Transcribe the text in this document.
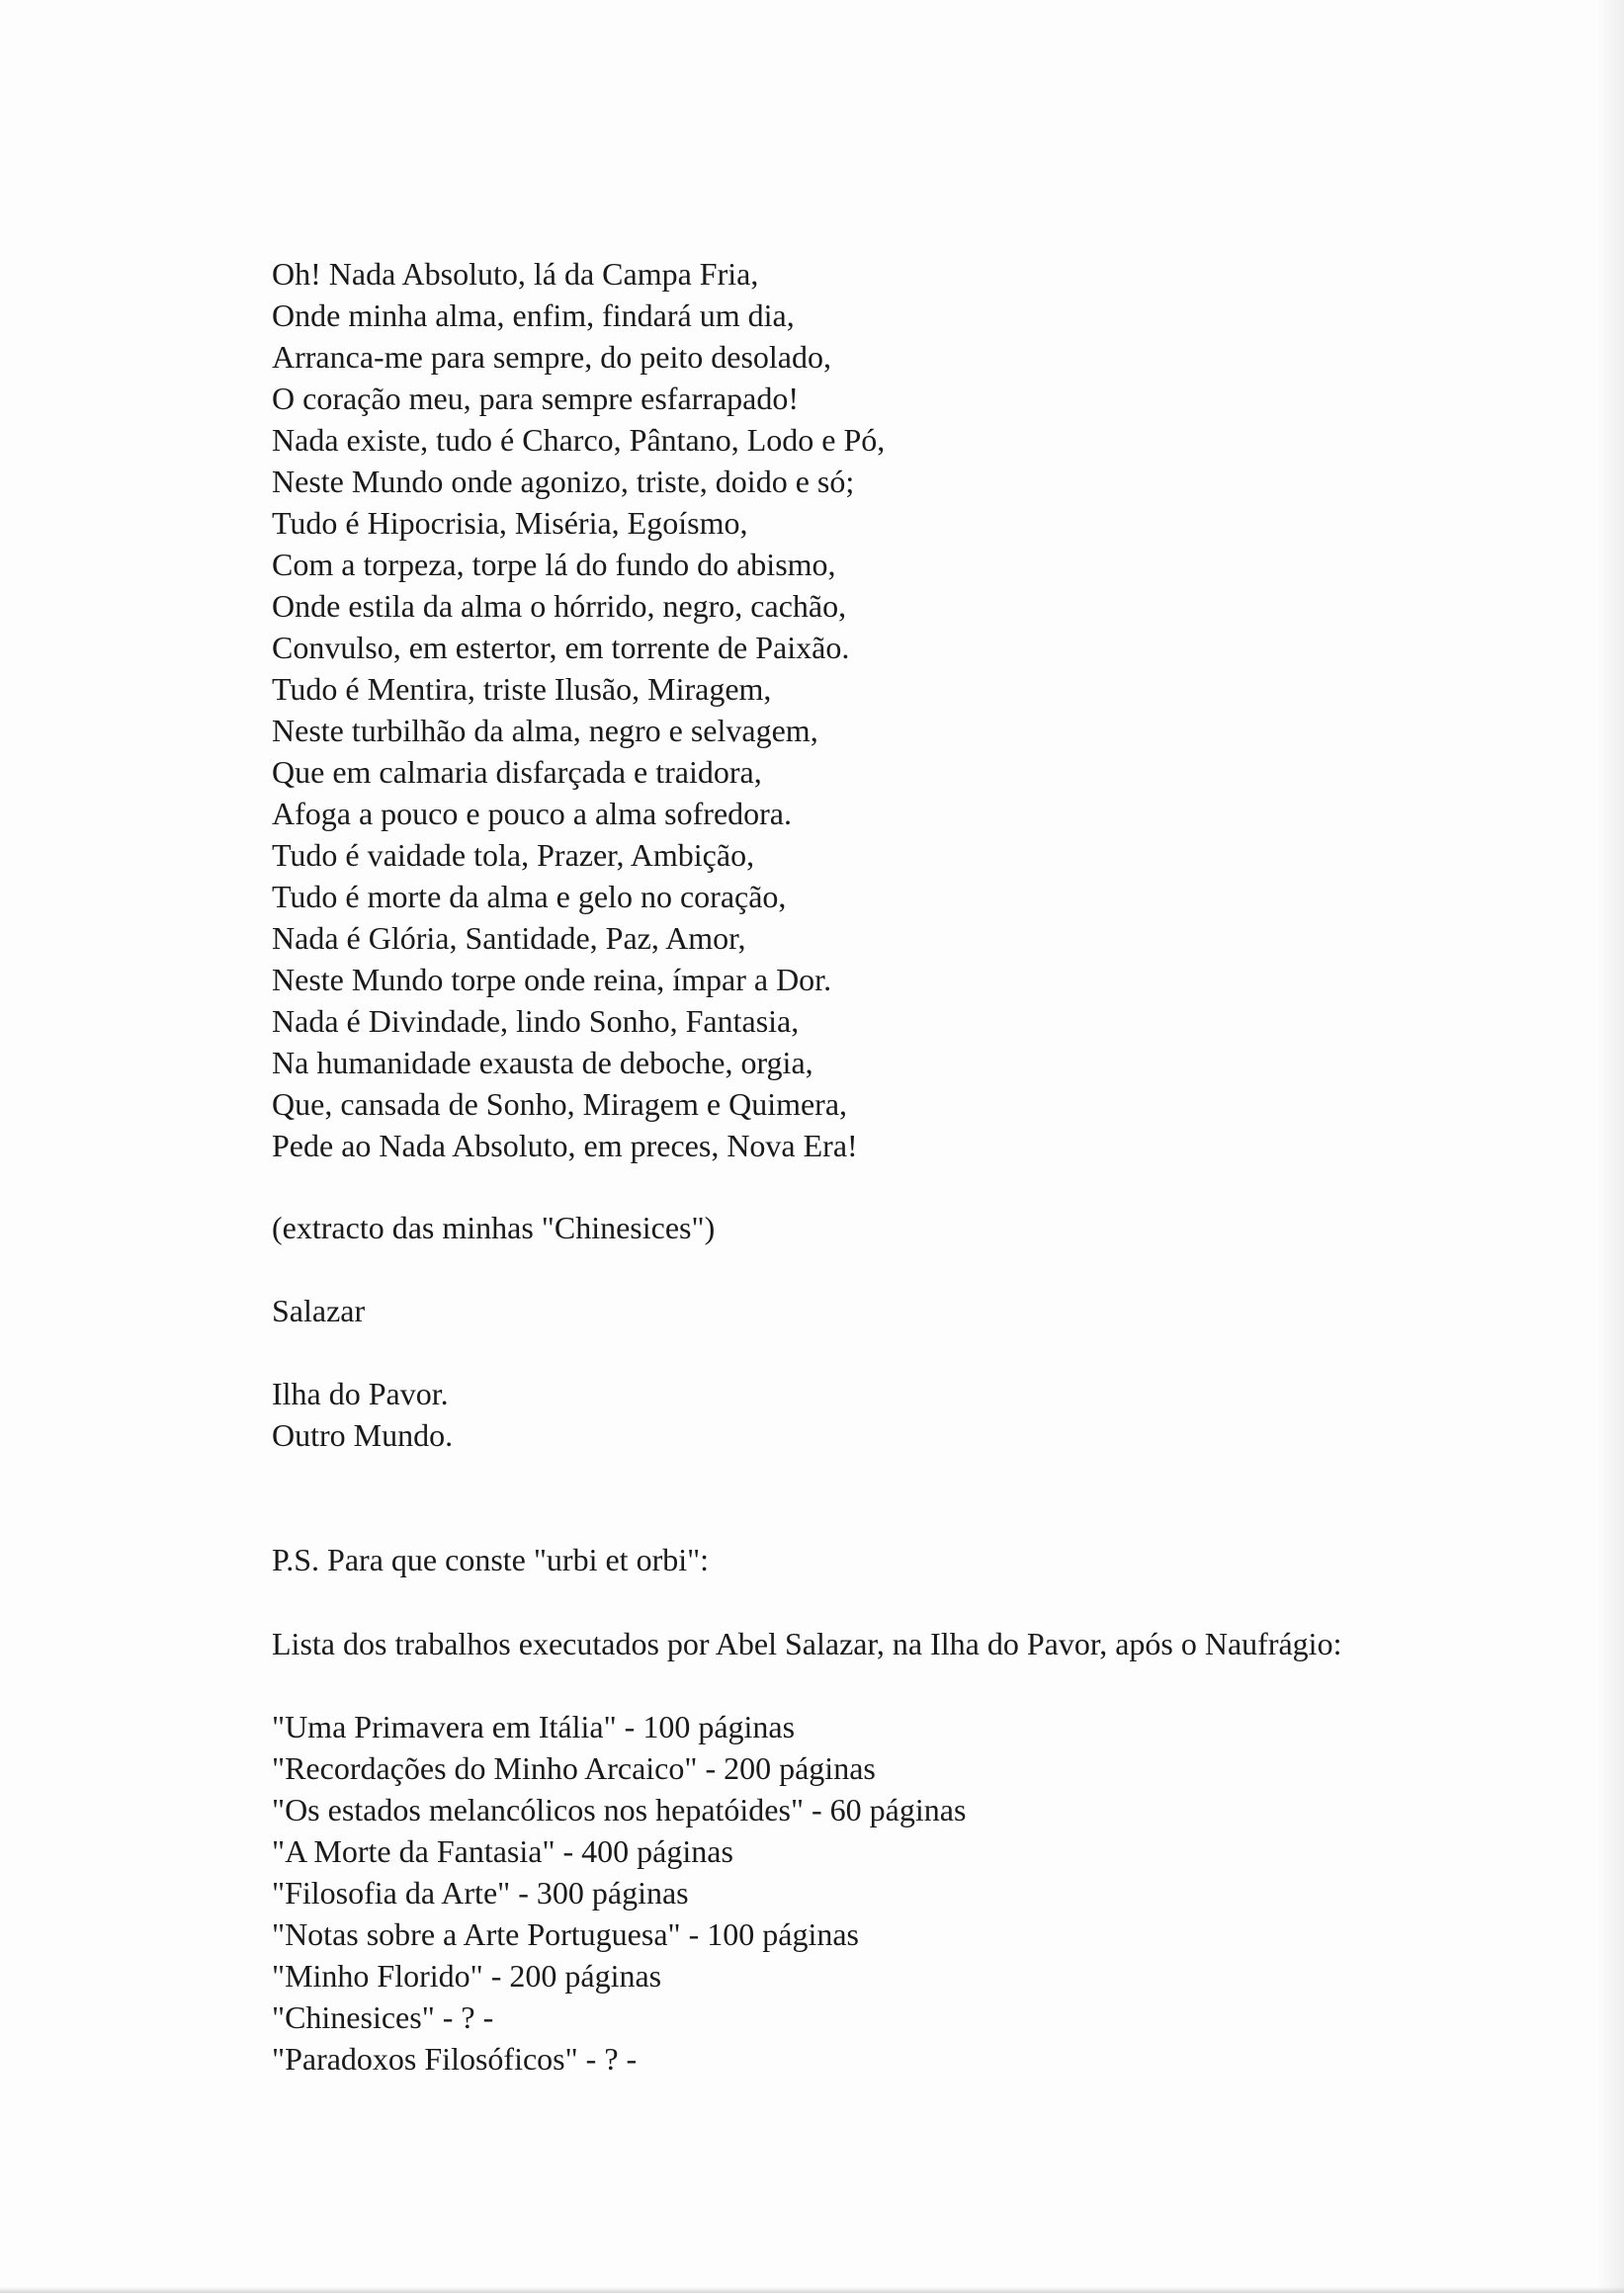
Oh! Nada Absoluto, lá da Campa Fria,
Onde minha alma, enfim, findará um dia,
Arranca-me para sempre, do peito desolado,
O coração meu, para sempre esfarrapado!
Nada existe, tudo é Charco, Pântano, Lodo e Pó,
Neste Mundo onde agonizo, triste, doido e só;
Tudo é Hipocrisia, Miséria, Egoísmo,
Com a torpeza, torpe lá do fundo do abismo,
Onde estila da alma o hórrido, negro, cachão,
Convulso, em estertor, em torrente de Paixão.
Tudo é Mentira, triste Ilusão, Miragem,
Neste turbilhão da alma, negro e selvagem,
Que em calmaria disfarçada e traidora,
Afoga a pouco e pouco a alma sofredora.
Tudo é vaidade tola, Prazer, Ambição,
Tudo é morte da alma e gelo no coração,
Nada é Glória, Santidade, Paz, Amor,
Neste Mundo torpe onde reina, ímpar a Dor.
Nada é Divindade, lindo Sonho, Fantasia,
Na humanidade exausta de deboche, orgia,
Que, cansada de Sonho, Miragem e Quimera,
Pede ao Nada Absoluto, em preces, Nova Era!
(extracto das minhas "Chinesices")
Salazar
Ilha do Pavor.
Outro Mundo.
P.S. Para que conste "urbi et orbi":
Lista dos trabalhos executados por Abel Salazar, na Ilha do Pavor, após o Naufrágio:
"Uma Primavera em Itália" - 100 páginas
"Recordações do Minho Arcaico" - 200 páginas
"Os estados melancólicos nos hepatóides" - 60 páginas
"A Morte da Fantasia" - 400 páginas
"Filosofia da Arte" - 300 páginas
"Notas sobre a Arte Portuguesa" - 100 páginas
"Minho Florido" - 200 páginas
"Chinesices" - ? -
"Paradoxos Filosóficos" - ? -
